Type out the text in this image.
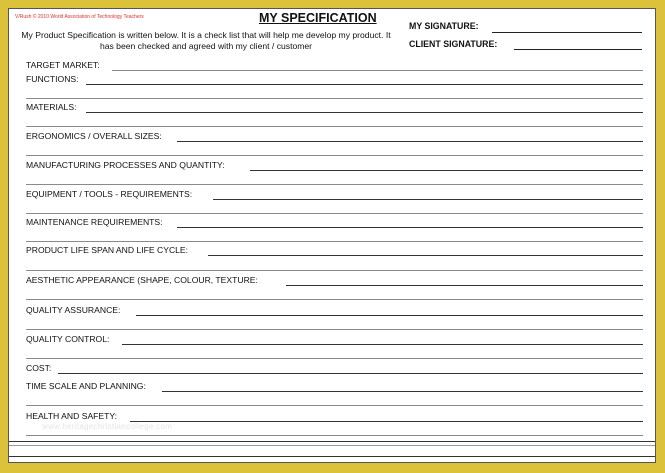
V/Rush © 2010 World Association of Technology Teachers	MY SPECIFICATION
My Product Specification is written below. It is a check list that will help me develop my product. It has been checked and agreed with my client / customer
MY SIGNATURE:
CLIENT SIGNATURE:
TARGET MARKET:
FUNCTIONS:
MATERIALS:
ERGONOMICS / OVERALL SIZES:
MANUFACTURING PROCESSES AND QUANTITY:
EQUIPMENT / TOOLS - REQUIREMENTS:
MAINTENANCE REQUIREMENTS:
PRODUCT LIFE SPAN AND LIFE CYCLE:
AESTHETIC APPEARANCE (SHAPE, COLOUR, TEXTURE:
QUALITY ASSURANCE:
QUALITY CONTROL:
COST:
TIME SCALE AND PLANNING:
HEALTH AND SAFETY:
www.heritagechristiancollege.com
